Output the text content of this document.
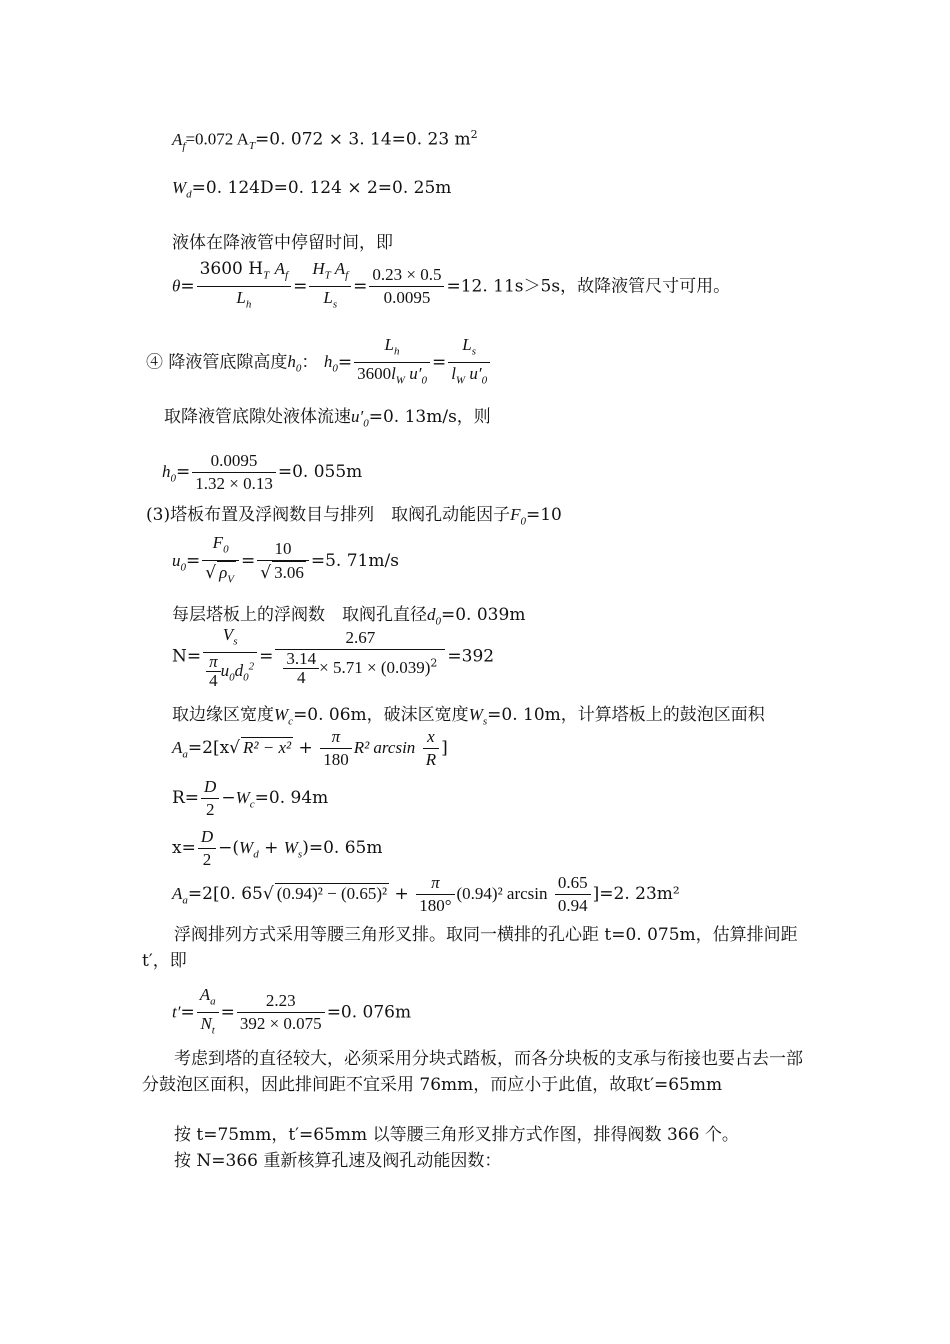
$A_f=0.072$ $A_T=0$. 072 × 3. 14=0. 23 $m^2$
$W_d=0$. 124D=0. 124 × 2=0. 25m
液体在降液管中停留时间，即
$\theta= \frac{3600 H_T A_f}{L_h} = \frac{H_T A_f}{L_s} = \frac{0.23 \times 0.5}{0.0095} =12$. 11s＞5s，故降液管尺寸可用。
④ 降液管底隙高度$h_0$： $h_0= \frac{L_h}{3600l_W u'_0} = \frac{L_s}{l_W u'_0}$
取降液管底隙处液体流速$u'_0=0$. 13m/s，则
$h_0= \frac{0.0095}{1.32 \times 0.13} =0$. 055m
(3)塔板布置及浮阀数目与排列　取阀孔动能因子$F_0=10$
$u_0= \frac{F_0}{√ \rho_V} = \frac{10}{√ 3.06} =5$. 71m/s
每层塔板上的浮阀数　取阀孔直径$d_0=0$. 039m
$N= \frac{V_s}{\frac{\pi}{4} u_0d_0^2} = \frac{2.67}{\frac{3.14}{4} \times 5.71 \times (0.039)^2} =392$
取边缘区宽度$W_c=0$. 06m，破沫区宽度$W_s=0$. 10m，计算塔板上的鼓泡区面积
$A_a=2[x√$ $R^2 - x^2 + \frac{\pi}{180} R^2$ $\arcsin \frac{x}{R}$ ]
$R= \frac{D}{2} -W_c=0$. 94m
$x= \frac{D}{2} -(W_d + W_s)=0$. 65m
$A_a=2[0$. 65√ $(0.94)^2 - (0.65)^2 + \frac{\pi}{180^\circ} (0.94)^2$ $\arcsin \frac{0.65}{0.94} ]=2$. 23m²
浮阀排列方式采用等腰三角形叉排。取同一横排的孔心距 t=0. 075m，估算排间距t′，即
$t'= \frac{A_a}{N_t} = \frac{2.23}{392 \times 0.075} =0$. 076m
考虑到塔的直径较大，必须采用分块式踏板，而各分块板的支承与衔接也要占去一部分鼓泡区面积，因此排间距不宜采用 76mm，而应小于此值，故取t′=65mm
按 t=75mm，t′=65mm 以等腰三角形叉排方式作图，排得阀数 366 个。
按 N=366 重新核算孔速及阀孔动能因数：
